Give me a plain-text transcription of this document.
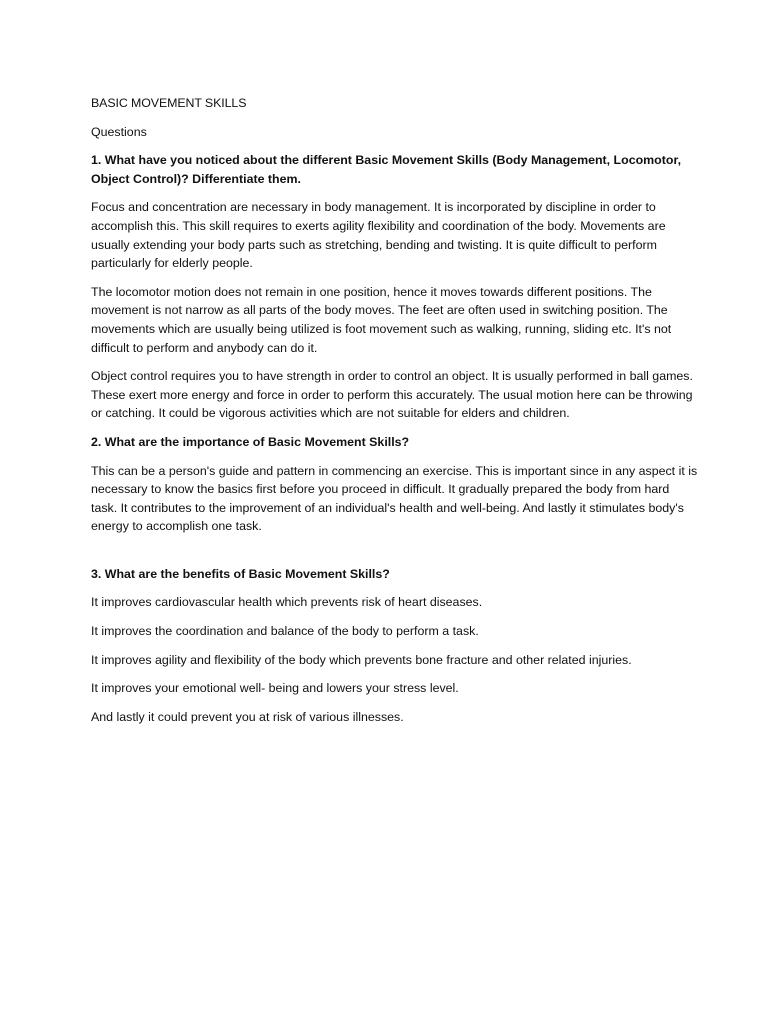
BASIC MOVEMENT SKILLS

Questions

1. What have you noticed about the different Basic Movement Skills (Body Management, Locomotor, Object Control)? Differentiate them.

Focus and concentration are necessary in body management. It is incorporated by discipline in order to accomplish this. This skill requires to exerts agility flexibility and coordination of the body. Movements are usually extending your body parts such as stretching, bending and twisting. It is quite difficult to perform particularly for elderly people.

The locomotor motion does not remain in one position, hence it moves towards different positions. The movement is not narrow as all parts of the body moves. The feet are often used in switching position. The movements which are usually being utilized is foot movement such as walking, running, sliding etc. It's not difficult to perform and anybody can do it.

Object control requires you to have strength in order to control an object. It is usually performed in ball games. These exert more energy and force in order to perform this accurately. The usual motion here can be throwing or catching. It could be vigorous activities which are not suitable for elders and children.

2. What are the importance of Basic Movement Skills?

This can be a person's guide and pattern in commencing an exercise. This is important since in any aspect it is necessary to know the basics first before you proceed in difficult. It gradually prepared the body from hard task. It contributes to the improvement of an individual's health and well-being. And lastly it stimulates body's energy to accomplish one task.

3. What are the benefits of Basic Movement Skills?

It improves cardiovascular health which prevents risk of heart diseases.

It improves the coordination and balance of the body to perform a task.

It improves agility and flexibility of the body which prevents bone fracture and other related injuries.

It improves your emotional well- being and lowers your stress level.

And lastly it could prevent you at risk of various illnesses.
